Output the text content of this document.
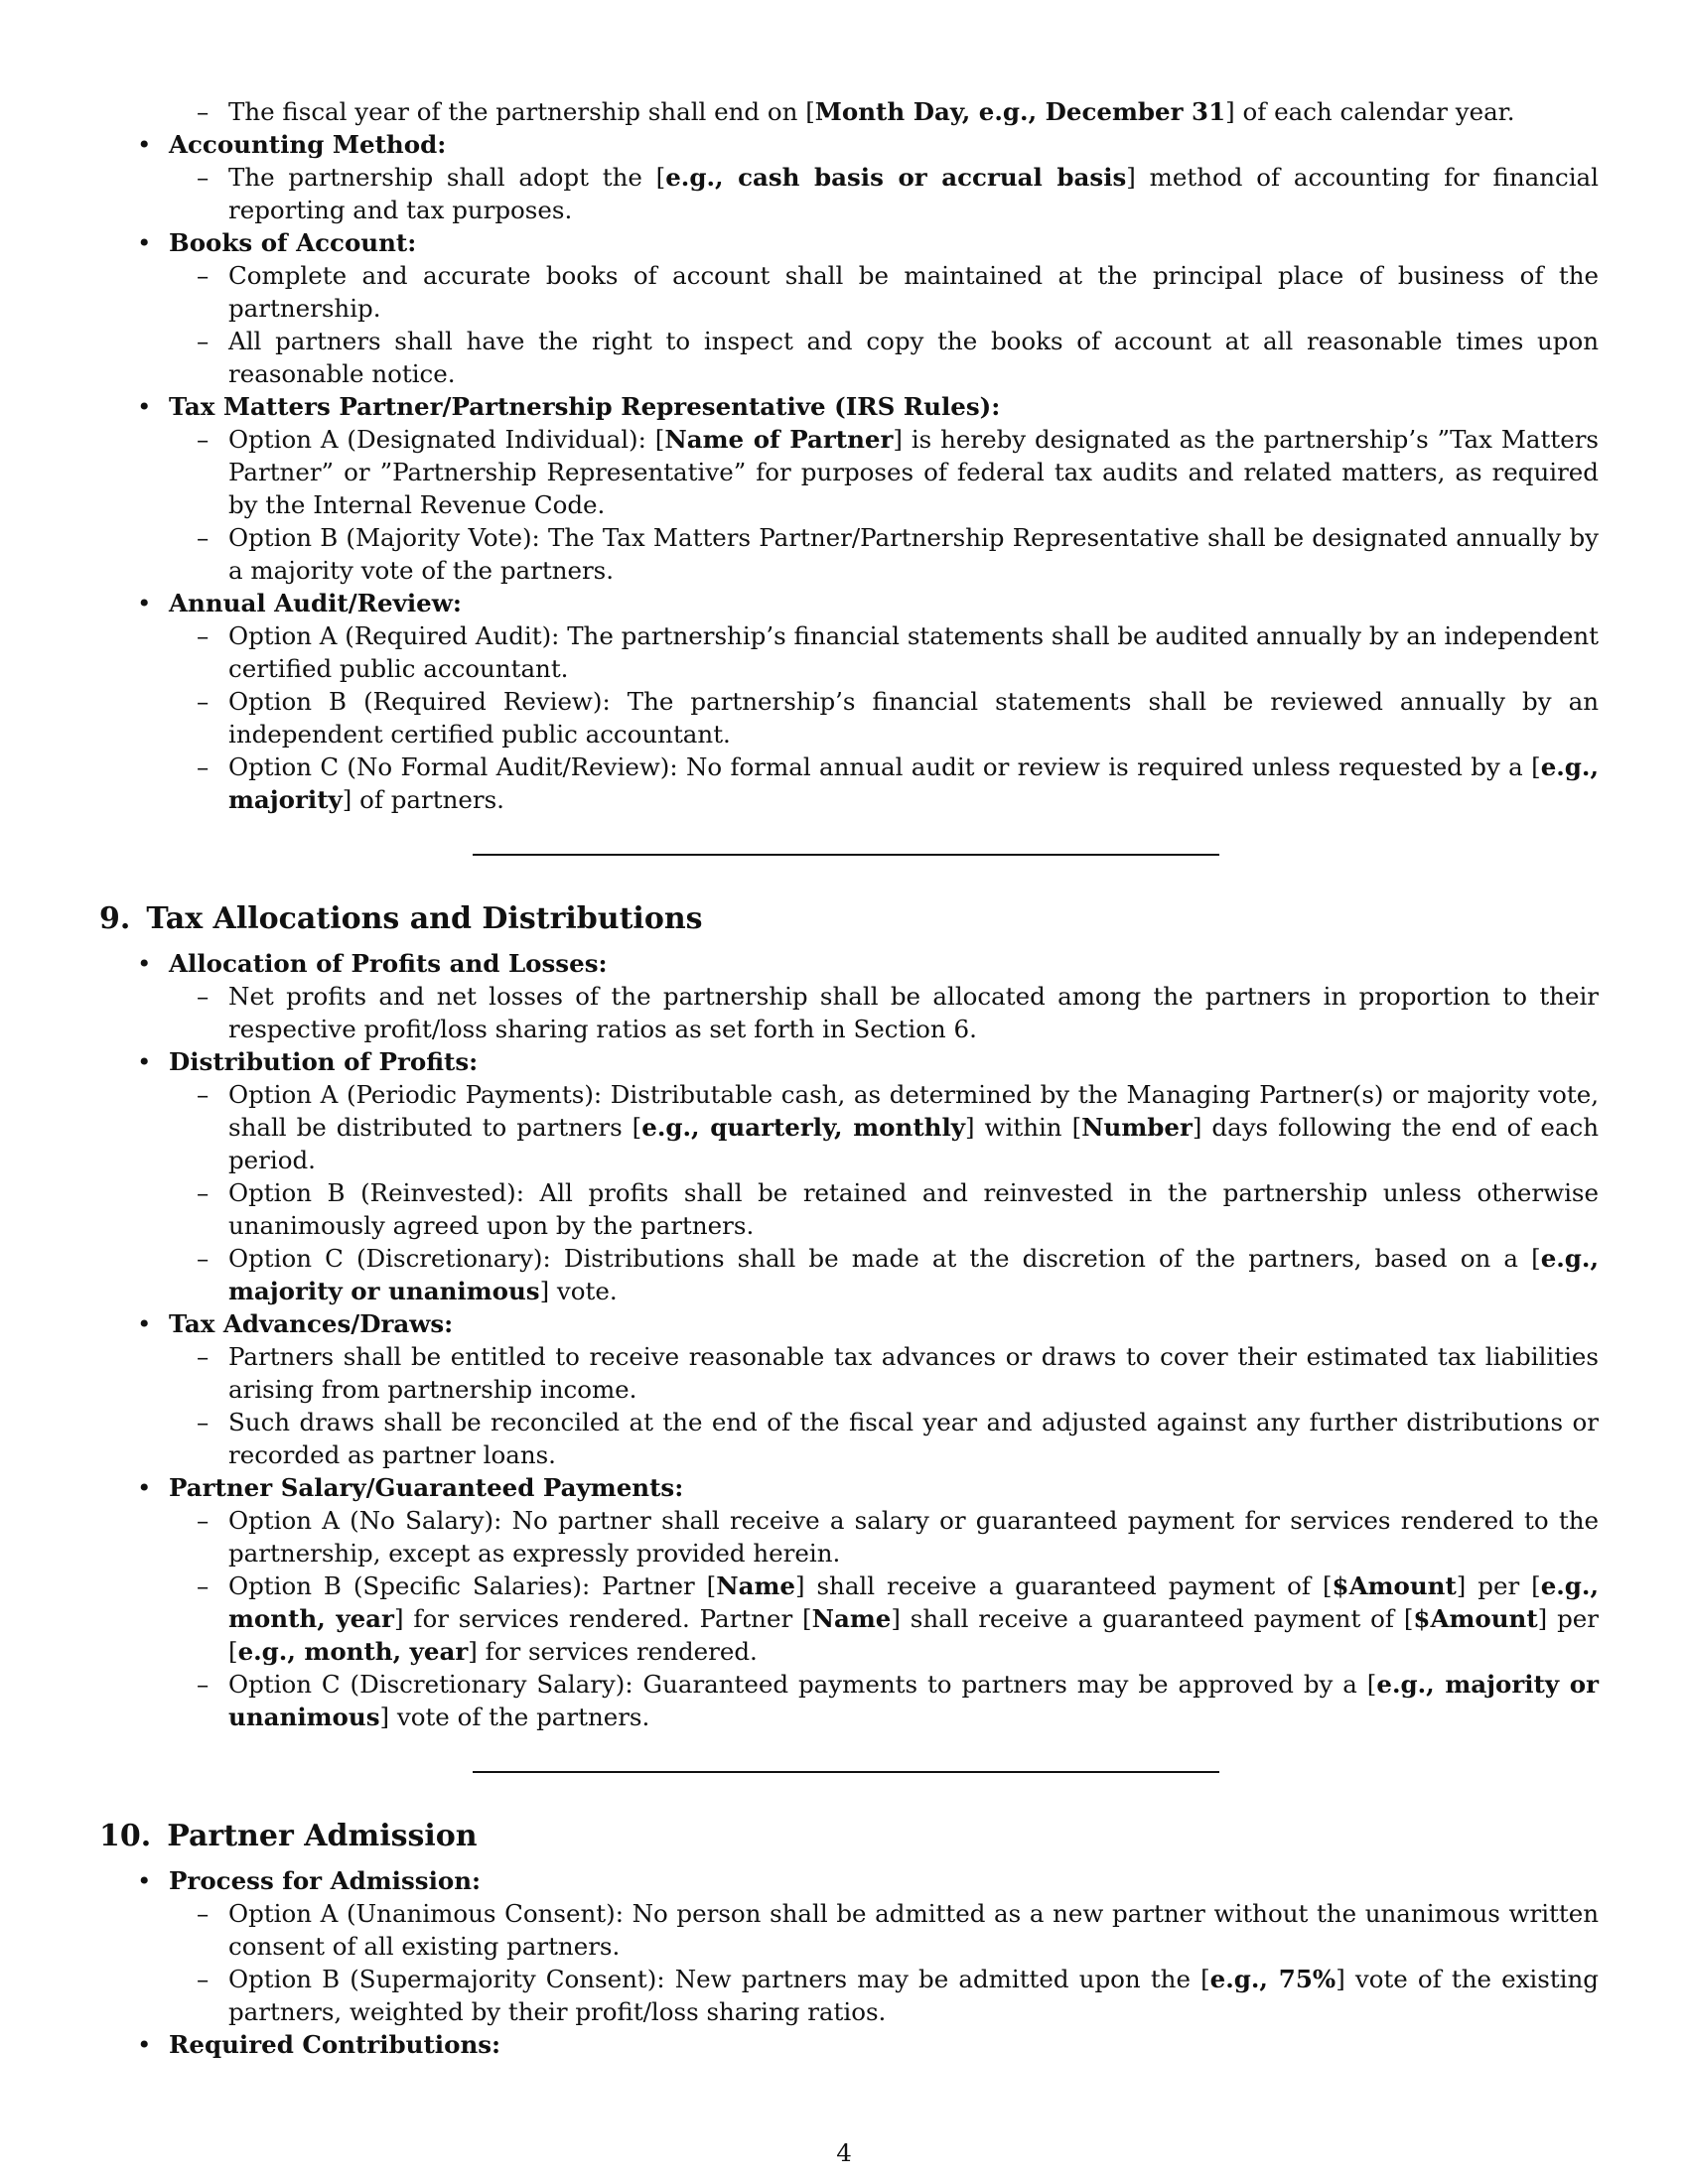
– The fiscal year of the partnership shall end on [Month Day, e.g., December 31] of each calendar year.
• Accounting Method:
– The partnership shall adopt the [e.g., cash basis or accrual basis] method of accounting for financial reporting and tax purposes.
• Books of Account:
– Complete and accurate books of account shall be maintained at the principal place of business of the partnership.
– All partners shall have the right to inspect and copy the books of account at all reasonable times upon reasonable notice.
• Tax Matters Partner/Partnership Representative (IRS Rules):
– Option A (Designated Individual): [Name of Partner] is hereby designated as the partnership’s ”Tax Matters Partner” or ”Partnership Representative” for purposes of federal tax audits and related matters, as required by the Internal Revenue Code.
– Option B (Majority Vote): The Tax Matters Partner/Partnership Representative shall be designated annually by a majority vote of the partners.
• Annual Audit/Review:
– Option A (Required Audit): The partnership’s financial statements shall be audited annually by an independent certified public accountant.
– Option B (Required Review): The partnership’s financial statements shall be reviewed annually by an independent certified public accountant.
– Option C (No Formal Audit/Review): No formal annual audit or review is required unless requested by a [e.g., majority] of partners.
9. Tax Allocations and Distributions
• Allocation of Profits and Losses:
– Net profits and net losses of the partnership shall be allocated among the partners in proportion to their respective profit/loss sharing ratios as set forth in Section 6.
• Distribution of Profits:
– Option A (Periodic Payments): Distributable cash, as determined by the Managing Partner(s) or majority vote, shall be distributed to partners [e.g., quarterly, monthly] within [Number] days following the end of each period.
– Option B (Reinvested): All profits shall be retained and reinvested in the partnership unless otherwise unanimously agreed upon by the partners.
– Option C (Discretionary): Distributions shall be made at the discretion of the partners, based on a [e.g., majority or unanimous] vote.
• Tax Advances/Draws:
– Partners shall be entitled to receive reasonable tax advances or draws to cover their estimated tax liabilities arising from partnership income.
– Such draws shall be reconciled at the end of the fiscal year and adjusted against any further distributions or recorded as partner loans.
• Partner Salary/Guaranteed Payments:
– Option A (No Salary): No partner shall receive a salary or guaranteed payment for services rendered to the partnership, except as expressly provided herein.
– Option B (Specific Salaries): Partner [Name] shall receive a guaranteed payment of [$Amount] per [e.g., month, year] for services rendered. Partner [Name] shall receive a guaranteed payment of [$Amount] per [e.g., month, year] for services rendered.
– Option C (Discretionary Salary): Guaranteed payments to partners may be approved by a [e.g., majority or unanimous] vote of the partners.
10. Partner Admission
• Process for Admission:
– Option A (Unanimous Consent): No person shall be admitted as a new partner without the unanimous written consent of all existing partners.
– Option B (Supermajority Consent): New partners may be admitted upon the [e.g., 75%] vote of the existing partners, weighted by their profit/loss sharing ratios.
• Required Contributions:
4
